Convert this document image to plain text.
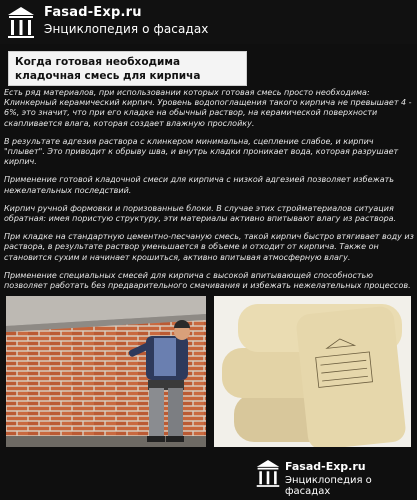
Fasad-Exp.ru
Энциклопедия о фасадах
Когда готовая необходима
кладочная смесь для кирпича

Есть ряд материалов, при использовании которых готовая смесь просто необходима: Клинкерный керамический кирпич. Уровень водопоглащения такого кирпича не превышает 4 - 6%, это значит, что при его кладке на обычный раствор, на керамической поверхности скапливается влага, которая создает влажную прослойку.

В результате адгезия раствора с клинкером минимальна, сцепление слабое, и кирпич "плывет". Это приводит к обрыву шва, и внутрь кладки проникает вода, которая разрушает кирпич.

Применение готовой кладочной смеси для кирпича с низкой адгезией позволяет избежать нежелательных последствий.

Кирпич ручной формовки и поризованные блоки. В случае этих стройматериалов ситуация обратная: имея пористую структуру, эти материалы активно впитывают влагу из раствора.

При кладке на стандартную цементно-песчаную смесь, такой кирпич быстро втягивает воду из раствора, в результате раствор уменьшается в объеме и отходит от кирпича. Также он становится сухим и начинает крошиться, активно впитывая атмосферную влагу.

Применение специальных смесей для кирпича с высокой впитывающей способностью позволяет работать без предварительного смачивания и избежать нежелательных процессов.

Fasad-Exp.ru
Энциклопедия о фасадах
